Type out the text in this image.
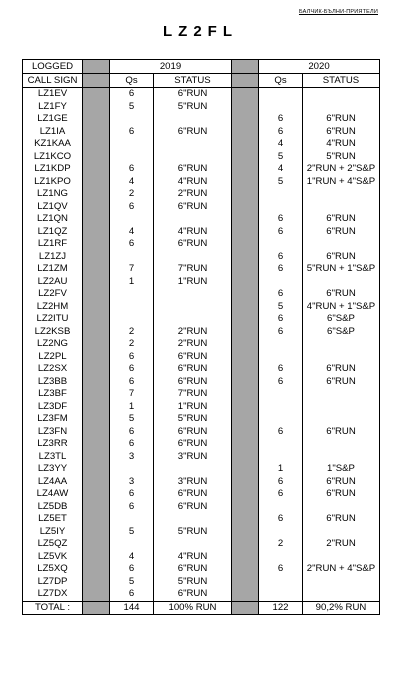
БАЛЧИК-БЪЛНИ-ПРИЯТЕЛИ
LZ2FL
LOGGED		2019			2020	
CALL SIGN		Qs	STATUS		Qs	STATUS
LZ1EV		6	6"RUN			
LZ1FY		5	5"RUN			
LZ1GE					6	6"RUN
LZ1IA		6	6"RUN		6	6"RUN
KZ1KAA					4	4"RUN
LZ1KCO					5	5"RUN
LZ1KDP		6	6"RUN		4	2"RUN + 2"S&P
LZ1KPO		4	4"RUN		5	1"RUN + 4"S&P
LZ1NG		2	2"RUN			
LZ1QV		6	6"RUN			
LZ1QN					6	6"RUN
LZ1QZ		4	4"RUN		6	6"RUN
LZ1RF		6	6"RUN			
LZ1ZJ					6	6"RUN
LZ1ZM		7	7"RUN		6	5"RUN + 1"S&P
LZ2AU		1	1"RUN			
LZ2FV					6	6"RUN
LZ2HM					5	4"RUN + 1"S&P
LZ2ITU					6	6"S&P
LZ2KSB		2	2"RUN		6	6"S&P
LZ2NG		2	2"RUN			
LZ2PL		6	6"RUN			
LZ2SX		6	6"RUN		6	6"RUN
LZ3BB		6	6"RUN		6	6"RUN
LZ3BF		7	7"RUN			
LZ3DF		1	1"RUN			
LZ3FM		5	5"RUN			
LZ3FN		6	6"RUN		6	6"RUN
LZ3RR		6	6"RUN			
LZ3TL		3	3"RUN			
LZ3YY					1	1"S&P
LZ4AA		3	3"RUN		6	6"RUN
LZ4AW		6	6"RUN		6	6"RUN
LZ5DB		6	6"RUN			
LZ5ET					6	6"RUN
LZ5IY		5	5"RUN			
LZ5QZ					2	2"RUN
LZ5VK		4	4"RUN			
LZ5XQ		6	6"RUN		6	2"RUN + 4"S&P
LZ7DP		5	5"RUN			
LZ7DX		6	6"RUN			
TOTAL :		144	100% RUN		122	90,2% RUN
